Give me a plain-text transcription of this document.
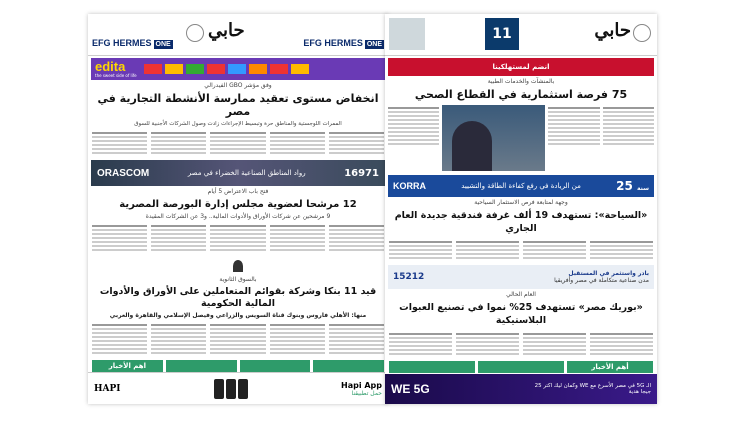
EFG HERMES ONE
حابي
EFG HERMES ONE
edita
the sweet side of life
وفق مؤشر GBO الفيدرالي
انخفاض مستوى تعقيد ممارسة الأنشطة التجارية في مصر
الممرات اللوجستية والمناطق حرة وتبسيط الإجراءات زادت وصول الشركات الأجنبية للسوق
ORASCOM	رواد المناطق الصناعية الخضراء في مصر	16971
فتح باب الاعتراض 5 أيام
12 مرشحا لعضوية مجلس إدارة البورصة المصرية
9 مرشحين عن شركات الأوراق والأدوات المالية.. و3 عن الشركات المقيدة
بالسوق الثانوية
قيد 11 بنكا وشركة بقوائم المتعاملين على الأوراق والأدوات المالية الحكومية
منها: الأهلي فاروس وبنوك قناة السويس والزراعي وفيصل الإسلامي والقاهرة والعربي

اهم الأخبار
HAPI	Hapi App
حمل تطبيقنا
حابي
11
انضم لمستهلكينا
بالمنشآت والخدمات الطبية
75 فرصة استثمارية في القطاع الصحي
KORRA	من الريادة في رفع كفاءة الطاقة والتشييد	25 سنة
وجهة لمتابعة فرص الاستثمار السياحية
«السياحة»: تستهدف 19 ألف غرفة فندقية جديدة العام الجاري
15212	بادر واستثمر في المستقبل
مدن صناعية متكاملة في مصر وأفريقيا
العام الحالي
«بوريك مصر» تستهدف 25% نموا في تصنيع العبوات البلاستيكية
أهم الأخبار

WE 5G	الـ 5G في مصر الأسرع مع WE وكمان ليك اكتر 25 جيجا هدية
